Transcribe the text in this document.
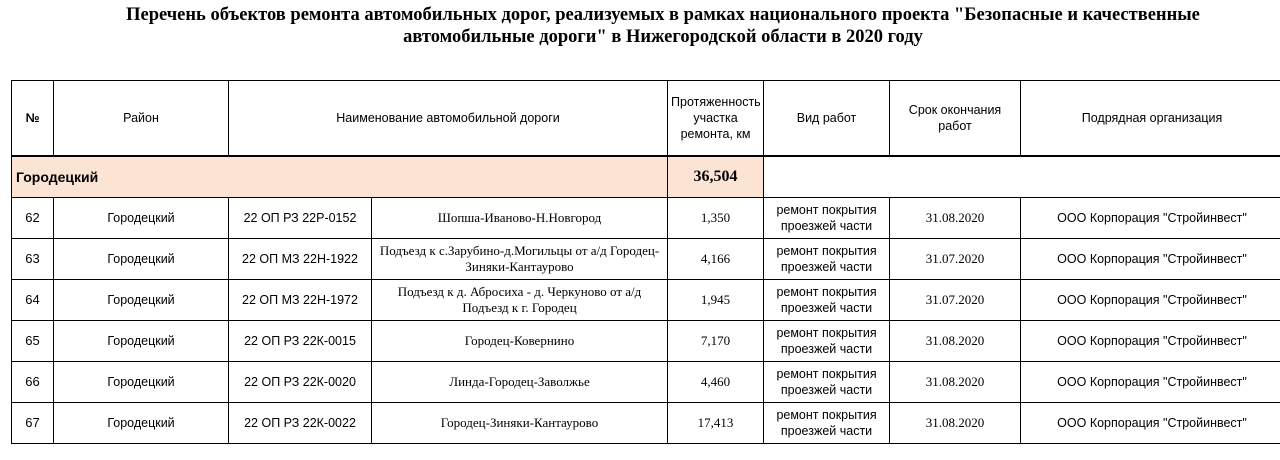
Перечень объектов ремонта автомобильных дорог, реализуемых в рамках национального проекта "Безопасные и качественные
автомобильные дороги" в Нижегородской области в 2020 году
№	Район	Наименование автомобильной дороги		Протяженность участка ремонта, км	Вид работ	Срок окончания работ	Подрядная организация
Городецкий				36,504			
62	Городецкий	22 ОП РЗ 22Р-0152	Шопша-Иваново-Н.Новгород	1,350	ремонт покрытия проезжей части	31.08.2020	ООО Корпорация "Стройинвест"
63	Городецкий	22 ОП МЗ 22Н-1922	Подъезд к с.Зарубино-д.Могильцы от а/д Городец-Зиняки-Кантаурово	4,166	ремонт покрытия проезжей части	31.07.2020	ООО Корпорация "Стройинвест"
64	Городецкий	22 ОП МЗ 22Н-1972	Подъезд к д. Абросиха - д. Черкуново от а/д Подъезд к г. Городец	1,945	ремонт покрытия проезжей части	31.07.2020	ООО Корпорация "Стройинвест"
65	Городецкий	22 ОП РЗ 22К-0015	Городец-Ковернино	7,170	ремонт покрытия проезжей части	31.08.2020	ООО Корпорация "Стройинвест"
66	Городецкий	22 ОП РЗ 22К-0020	Линда-Городец-Заволжье	4,460	ремонт покрытия проезжей части	31.08.2020	ООО Корпорация "Стройинвест"
67	Городецкий	22 ОП РЗ 22К-0022	Городец-Зиняки-Кантаурово	17,413	ремонт покрытия проезжей части	31.08.2020	ООО Корпорация "Стройинвест"
